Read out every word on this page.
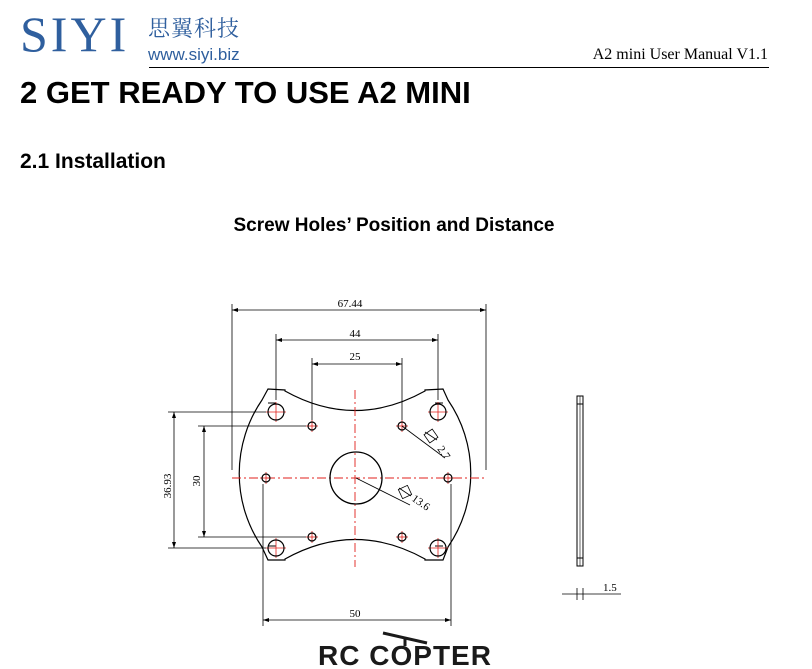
SIYI 思翼科技
www.siyi.biz	A2 mini User Manual V1.1
2 GET READY TO USE A2 MINI
2.1 Installation
Screw Holes’ Position and Distance
67.44
44
25
50
36.93 30
2.7
13.6
1.5
RC COPTER
